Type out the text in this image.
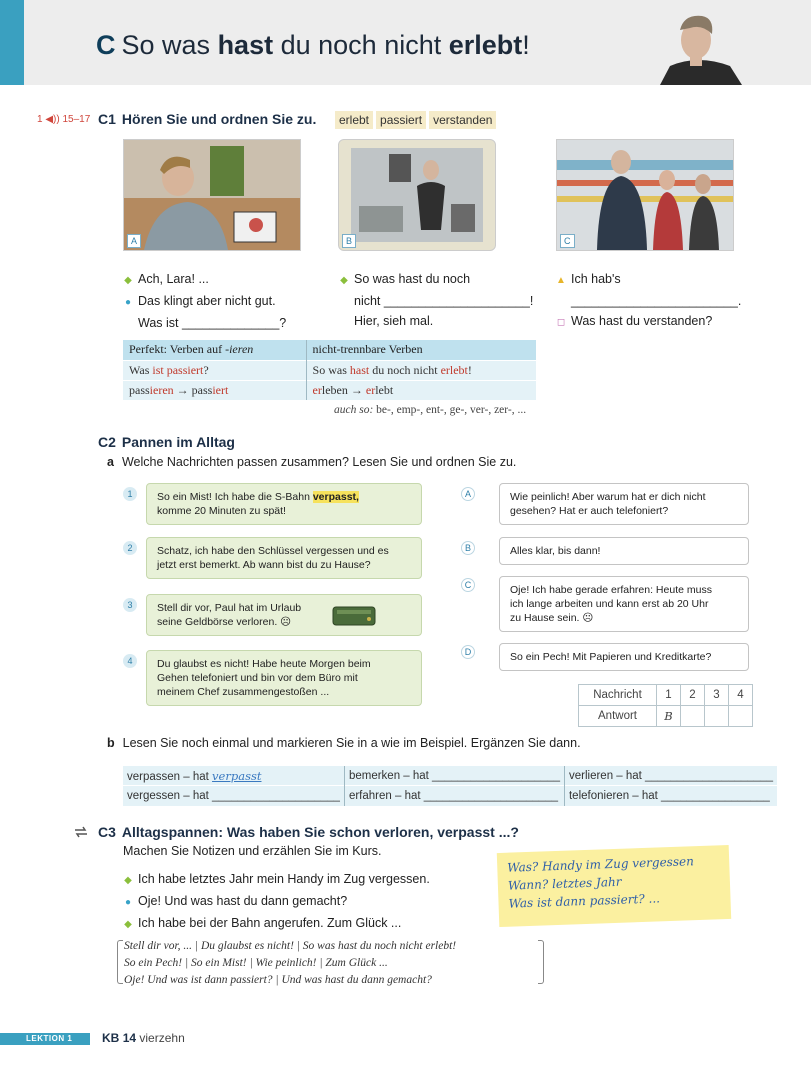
C So was hast du noch nicht erlebt!
1 ◀)) 15–17 C1 Hören Sie und ordnen Sie zu.	erlebt passiert verstanden
A	B	C
◆ Ach, Lara! ...
● Das klingt aber nicht gut.
Was ist ______________?
◆ So was hast du noch
nicht _____________________!
Hier, sieh mal.
▲ Ich hab's
________________________.
◻ Was hast du verstanden?
Perfekt: Verben auf -ieren	nicht-trennbare Verben
Was ist passiert?	So was hast du noch nicht erlebt!
passieren → passiert	erleben → erlebt
auch so: be-, emp-, ent-, ge-, ver-, zer-, ...
C2 Pannen im Alltag
a Welche Nachrichten passen zusammen? Lesen Sie und ordnen Sie zu.
1	So ein Mist! Ich habe die S-Bahn verpasst,
komme 20 Minuten zu spät!
2	Schatz, ich habe den Schlüssel vergessen und es
jetzt erst bemerkt. Ab wann bist du zu Hause?
3	Stell dir vor, Paul hat im Urlaub
seine Geldbörse verloren. ☹
4	Du glaubst es nicht! Habe heute Morgen beim
Gehen telefoniert und bin vor dem Büro mit
meinem Chef zusammengestoßen ...
A	Wie peinlich! Aber warum hat er dich nicht
gesehen? Hat er auch telefoniert?
B	Alles klar, bis dann!
C	Oje! Ich habe gerade erfahren: Heute muss
ich lange arbeiten und kann erst ab 20 Uhr
zu Hause sein. ☹
D	So ein Pech! Mit Papieren und Kreditkarte?
Nachricht	1	2	3	4
Antwort	B			
b Lesen Sie noch einmal und markieren Sie in a wie im Beispiel. Ergänzen Sie dann.
verpassen – hat verpasst	bemerken – hat ____________________	verlieren – hat ____________________
vergessen – hat ____________________	erfahren – hat _____________________	telefonieren – hat _________________
C3 Alltagspannen: Was haben Sie schon verloren, verpasst ...?
Machen Sie Notizen und erzählen Sie im Kurs.
◆ Ich habe letztes Jahr mein Handy im Zug vergessen.
● Oje! Und was hast du dann gemacht?
◆ Ich habe bei der Bahn angerufen. Zum Glück ...
Was? Handy im Zug vergessen
Wann? letztes Jahr
Was ist dann passiert? ...
Stell dir vor, ... | Du glaubst es nicht! | So was hast du noch nicht erlebt!
So ein Pech! | So ein Mist! | Wie peinlich! | Zum Glück ...
Oje! Und was ist dann passiert? | Und was hast du dann gemacht?
LEKTION 1	KB 14 vierzehn
